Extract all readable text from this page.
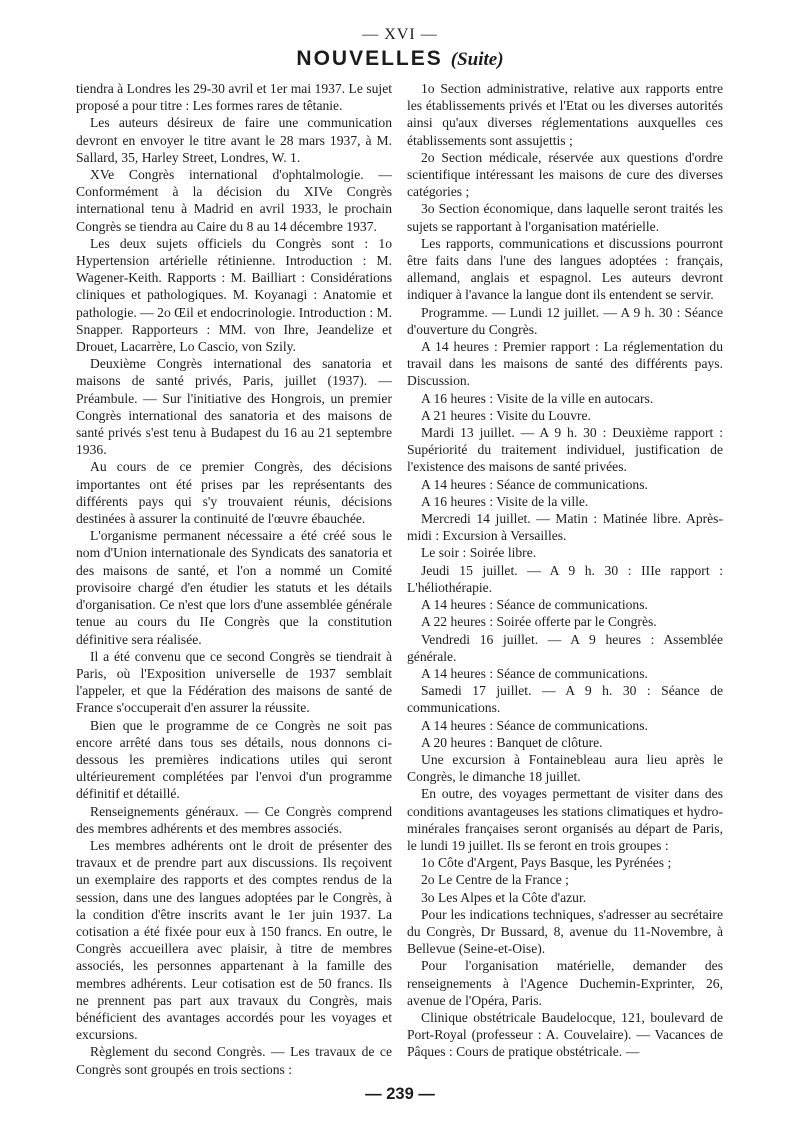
— XVI —
NOUVELLES (Suite)

tiendra à Londres les 29-30 avril et 1er mai 1937. Le sujet proposé a pour titre : Les formes rares de têtanie.

Les auteurs désireux de faire une communication devront en envoyer le titre avant le 28 mars 1937, à M. Sallard, 35, Harley Street, Londres, W. 1.

XVe Congrès international d'ophtalmologie. — Conformément à la décision du XIVe Congrès international tenu à Madrid en avril 1933, le prochain Congrès se tiendra au Caire du 8 au 14 décembre 1937.

Les deux sujets officiels du Congrès sont : 1o Hypertension artérielle rétinienne. Introduction : M. Wagener-Keith. Rapports : M. Bailliart : Considérations cliniques et pathologiques. M. Koyanagi : Anatomie et pathologie. — 2o Œil et endocrinologie. Introduction : M. Snapper. Rapporteurs : MM. von Ihre, Jeandelize et Drouet, Lacarrère, Lo Cascio, von Szily.

Deuxième Congrès international des sanatoria et maisons de santé privés, Paris, juillet (1937). — Préambule. — Sur l'initiative des Hongrois, un premier Congrès international des sanatoria et des maisons de santé privés s'est tenu à Budapest du 16 au 21 septembre 1936.

Au cours de ce premier Congrès, des décisions importantes ont été prises par les représentants des différents pays qui s'y trouvaient réunis, décisions destinées à assurer la continuité de l'œuvre ébauchée.

L'organisme permanent nécessaire a été créé sous le nom d'Union internationale des Syndicats des sanatoria et des maisons de santé, et l'on a nommé un Comité provisoire chargé d'en étudier les statuts et les détails d'organisation. Ce n'est que lors d'une assemblée générale tenue au cours du IIe Congrès que la constitution définitive sera réalisée.

Il a été convenu que ce second Congrès se tiendrait à Paris, où l'Exposition universelle de 1937 semblait l'appeler, et que la Fédération des maisons de santé de France s'occuperait d'en assurer la réussite.

Bien que le programme de ce Congrès ne soit pas encore arrêté dans tous ses détails, nous donnons ci-dessous les premières indications utiles qui seront ultérieurement complétées par l'envoi d'un programme définitif et détaillé.

Renseignements généraux. — Ce Congrès comprend des membres adhérents et des membres associés.

Les membres adhérents ont le droit de présenter des travaux et de prendre part aux discussions. Ils reçoivent un exemplaire des rapports et des comptes rendus de la session, dans une des langues adoptées par le Congrès, à la condition d'être inscrits avant le 1er juin 1937. La cotisation a été fixée pour eux à 150 francs. En outre, le Congrès accueillera avec plaisir, à titre de membres associés, les personnes appartenant à la famille des membres adhérents. Leur cotisation est de 50 francs. Ils ne prennent pas part aux travaux du Congrès, mais bénéficient des avantages accordés pour les voyages et excursions.

Règlement du second Congrès. — Les travaux de ce Congrès sont groupés en trois sections :

1o Section administrative, relative aux rapports entre les établissements privés et l'Etat ou les diverses autorités ainsi qu'aux diverses réglementations auxquelles ces établissements sont assujettis ;

2o Section médicale, réservée aux questions d'ordre scientifique intéressant les maisons de cure des diverses catégories ;

3o Section économique, dans laquelle seront traités les sujets se rapportant à l'organisation matérielle.

Les rapports, communications et discussions pourront être faits dans l'une des langues adoptées : français, allemand, anglais et espagnol. Les auteurs devront indiquer à l'avance la langue dont ils entendent se servir.

Programme. — Lundi 12 juillet. — A 9 h. 30 : Séance d'ouverture du Congrès.

A 14 heures : Premier rapport : La réglementation du travail dans les maisons de santé des différents pays. Discussion.

A 16 heures : Visite de la ville en autocars.

A 21 heures : Visite du Louvre.

Mardi 13 juillet. — A 9 h. 30 : Deuxième rapport : Supériorité du traitement individuel, justification de l'existence des maisons de santé privées.

A 14 heures : Séance de communications.

A 16 heures : Visite de la ville.

Mercredi 14 juillet. — Matin : Matinée libre. Après-midi : Excursion à Versailles.

Le soir : Soirée libre.

Jeudi 15 juillet. — A 9 h. 30 : IIIe rapport : L'héliothérapie.

A 14 heures : Séance de communications.

A 22 heures : Soirée offerte par le Congrès.

Vendredi 16 juillet. — A 9 heures : Assemblée générale.

A 14 heures : Séance de communications.

Samedi 17 juillet. — A 9 h. 30 : Séance de communications.

A 14 heures : Séance de communications.

A 20 heures : Banquet de clôture.

Une excursion à Fontainebleau aura lieu après le Congrès, le dimanche 18 juillet.

En outre, des voyages permettant de visiter dans des conditions avantageuses les stations climatiques et hydro-minérales françaises seront organisés au départ de Paris, le lundi 19 juillet. Ils se feront en trois groupes :

1o Côte d'Argent, Pays Basque, les Pyrénées ;

2o Le Centre de la France ;

3o Les Alpes et la Côte d'azur.

Pour les indications techniques, s'adresser au secrétaire du Congrès, Dr Bussard, 8, avenue du 11-Novembre, à Bellevue (Seine-et-Oise).

Pour l'organisation matérielle, demander des renseignements à l'Agence Duchemin-Exprinter, 26, avenue de l'Opéra, Paris.

Clinique obstétricale Baudelocque, 121, boulevard de Port-Royal (professeur : A. Couvelaire). — Vacances de Pâques : Cours de pratique obstétricale. —

— 239 —
